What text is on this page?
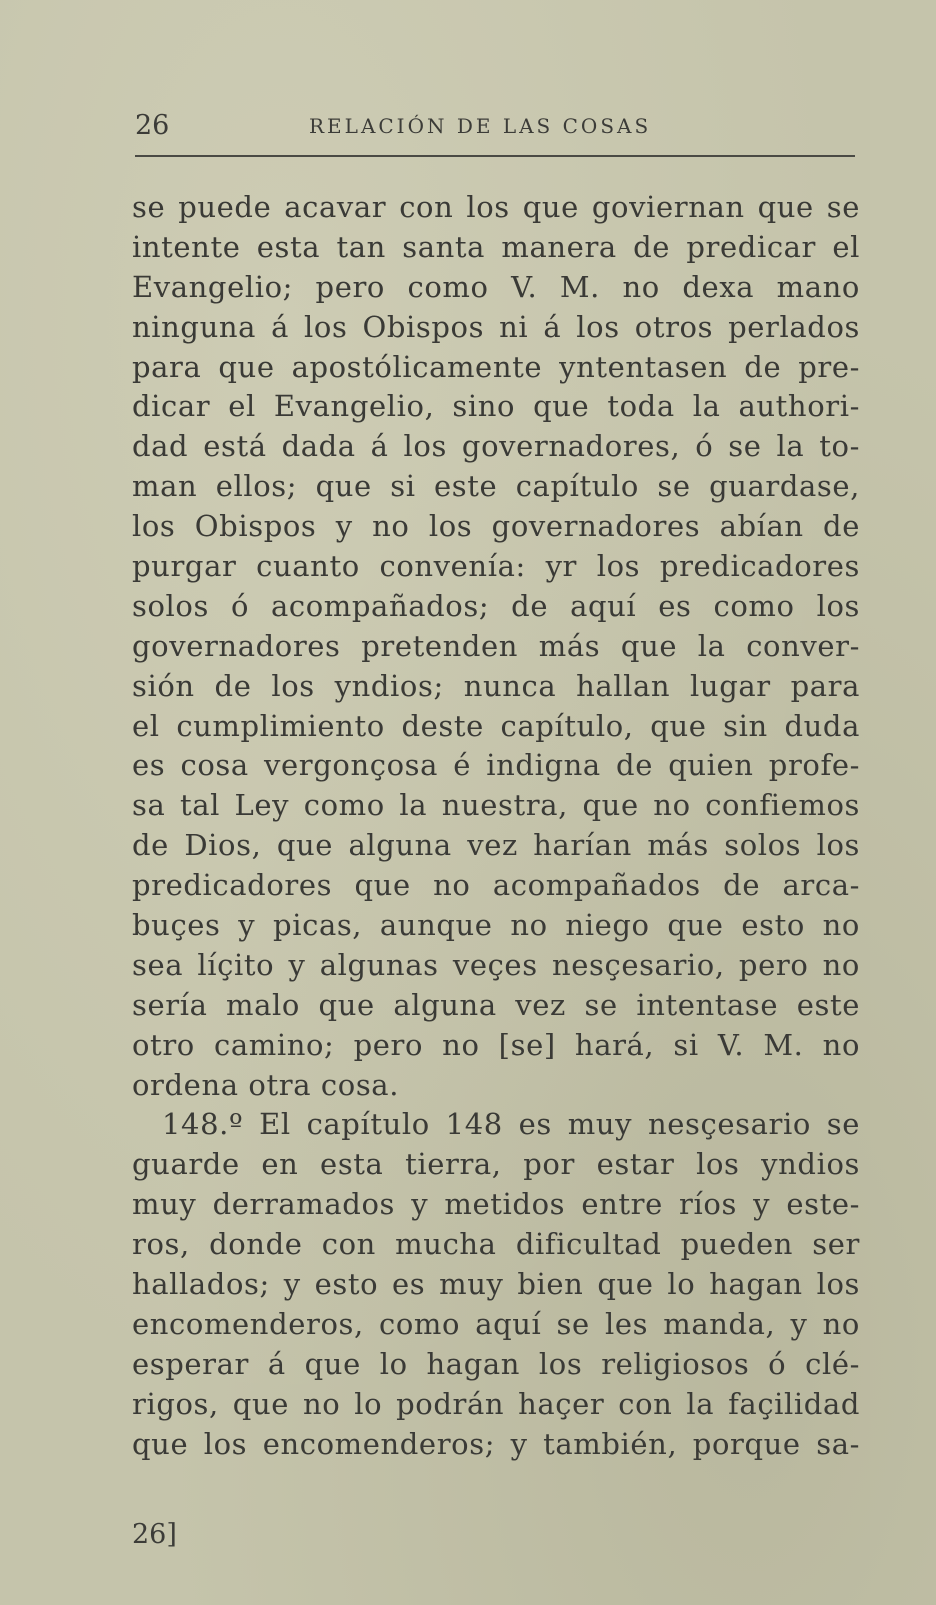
26	RELACIÓN DE LAS COSAS
se puede acavar con los que goviernan que se
intente esta tan santa manera de predicar el
Evangelio; pero como V. M. no dexa mano
ninguna á los Obispos ni á los otros perlados
para que apostólicamente yntentasen de pre-
dicar el Evangelio, sino que toda la authori-
dad está dada á los governadores, ó se la to-
man ellos; que si este capítulo se guardase,
los Obispos y no los governadores abían de
purgar cuanto convenía: yr los predicadores
solos ó acompañados; de aquí es como los
governadores pretenden más que la conver-
sión de los yndios; nunca hallan lugar para
el cumplimiento deste capítulo, que sin duda
es cosa vergonçosa é indigna de quien profe-
sa tal Ley como la nuestra, que no confiemos
de Dios, que alguna vez harían más solos los
predicadores que no acompañados de arca-
buçes y picas, aunque no niego que esto no
sea líçito y algunas veçes nesçesario, pero no
sería malo que alguna vez se intentase este
otro camino; pero no [se] hará, si V. M. no
ordena otra cosa.
148.º El capítulo 148 es muy nesçesario se
guarde en esta tierra, por estar los yndios
muy derramados y metidos entre ríos y este-
ros, donde con mucha dificultad pueden ser
hallados; y esto es muy bien que lo hagan los
encomenderos, como aquí se les manda, y no
esperar á que lo hagan los religiosos ó clé-
rigos, que no lo podrán haçer con la façilidad
que los encomenderos; y también, porque sa-
26]
